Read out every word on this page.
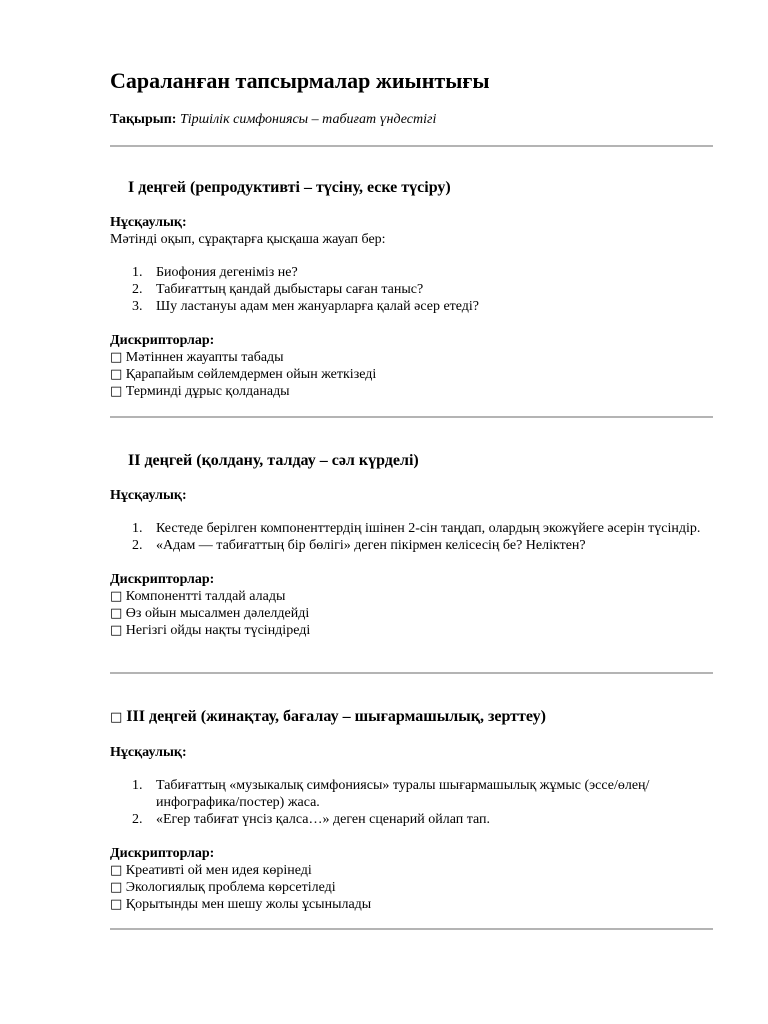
Сараланған тапсырмалар жиынтығы
Тақырып: Тіршілік симфониясы – табиғат үндестігі

I деңгей (репродуктивті – түсіну, еске түсіру)

Нұсқаулық:

Мәтінді оқып, сұрақтарға қысқаша жауап бер:

1. Биофония дегеніміз не?
2. Табиғаттың қандай дыбыстары саған таныс?
3. Шу ластануы адам мен жануарларға қалай әсер етеді?

Дискрипторлар:

□ Мәтіннен жауапты табады

□ Қарапайым сөйлемдермен ойын жеткізеді

□ Терминді дұрыс қолданады

II деңгей (қолдану, талдау – сәл күрделі)

Нұсқаулық:

1. Кестеде берілген компоненттердің ішінен 2-сін таңдап, олардың экожүйеге әсерін түсіндір.
2. «Адам — табиғаттың бір бөлігі» деген пікірмен келісесің бе? Неліктен?

Дискрипторлар:

□ Компонентті талдай алады

□ Өз ойын мысалмен дәлелдейді

□ Негізгі ойды нақты түсіндіреді

□ III деңгей (жинақтау, бағалау – шығармашылық, зерттеу)

Нұсқаулық:

1. Табиғаттың «музыкалық симфониясы» туралы шығармашылық жұмыс (эссе/өлең/инфографика/постер) жаса.
2. «Егер табиғат үнсіз қалса…» деген сценарий ойлап тап.

Дискрипторлар:

□ Креативті ой мен идея көрінеді

□ Экологиялық проблема көрсетіледі

□ Қорытынды мен шешу жолы ұсынылады
